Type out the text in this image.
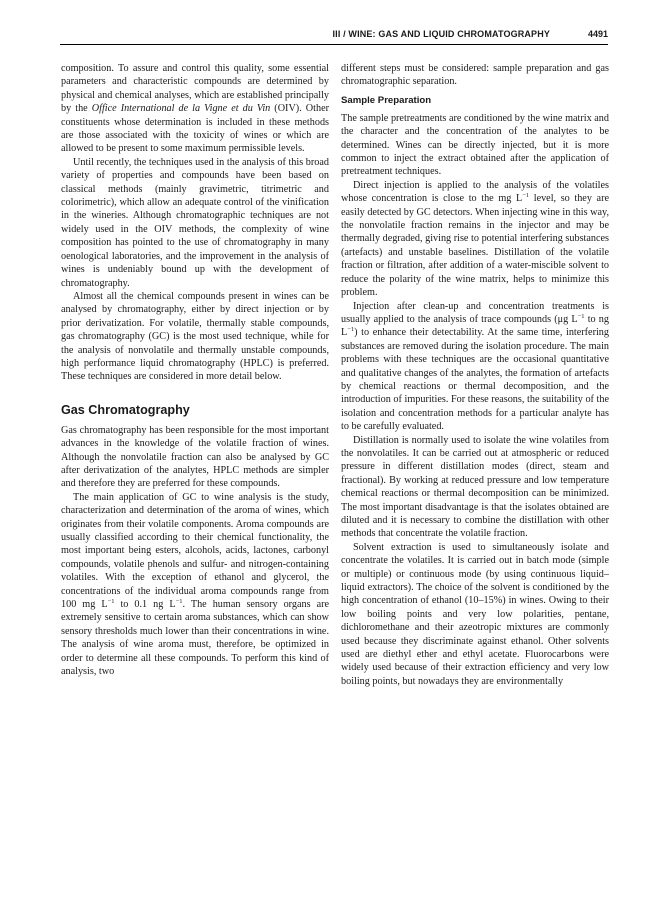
III / WINE: GAS AND LIQUID CHROMATOGRAPHY	4491

composition. To assure and control this quality, some essential parameters and characteristic compounds are determined by physical and chemical analyses, which are established principally by the Office International de la Vigne et du Vin (OIV). Other constituents whose determination is included in these methods are those associated with the toxicity of wines or which are allowed to be present to some maximum permissible levels.

Until recently, the techniques used in the analysis of this broad variety of properties and compounds have been based on classical methods (mainly gravimetric, titrimetric and colorimetric), which allow an adequate control of the vinification in the wineries. Although chromatographic techniques are not widely used in the OIV methods, the complexity of wine composition has pointed to the use of chromatography in many oenological laboratories, and the improvement in the analysis of wines is undeniably bound up with the development of chromatography.

Almost all the chemical compounds present in wines can be analysed by chromatography, either by direct injection or by prior derivatization. For volatile, thermally stable compounds, gas chromatography (GC) is the most used technique, while for the analysis of nonvolatile and thermally unstable compounds, high performance liquid chromatography (HPLC) is preferred. These techniques are considered in more detail below.

Gas Chromatography

Gas chromatography has been responsible for the most important advances in the knowledge of the volatile fraction of wines. Although the nonvolatile fraction can also be analysed by GC after derivatization of the analytes, HPLC methods are simpler and therefore they are preferred for these compounds.

The main application of GC to wine analysis is the study, characterization and determination of the aroma of wines, which originates from their volatile components. Aroma compounds are usually classified according to their chemical functionality, the most important being esters, alcohols, acids, lactones, carbonyl compounds, volatile phenols and sulfur- and nitrogen-containing volatiles. With the exception of ethanol and glycerol, the concentrations of the individual aroma compounds range from 100 mg $L^{-1}$ to 0.1 ng $L^{-1}$. The human sensory organs are extremely sensitive to certain aroma substances, which can show sensory thresholds much lower than their concentrations in wine. The analysis of wine aroma must, therefore, be optimized in order to determine all these compounds. To perform this kind of analysis, two

different steps must be considered: sample preparation and gas chromatographic separation.

Sample Preparation

The sample pretreatments are conditioned by the wine matrix and the character and the concentration of the analytes to be determined. Wines can be directly injected, but it is more common to inject the extract obtained after the application of pretreatment techniques.

Direct injection is applied to the analysis of the volatiles whose concentration is close to the mg $L^{-1}$ level, so they are easily detected by GC detectors. When injecting wine in this way, the nonvolatile fraction remains in the injector and may be thermally degraded, giving rise to potential interfering substances (artefacts) and unstable baselines. Distillation of the volatile fraction or filtration, after addition of a water-miscible solvent to reduce the polarity of the wine matrix, helps to minimize this problem.

Injection after clean-up and concentration treatments is usually applied to the analysis of trace compounds (μg $L^{-1}$ to ng $L^{-1}$) to enhance their detectability. At the same time, interfering substances are removed during the isolation procedure. The main problems with these techniques are the occasional quantitative and qualitative changes of the analytes, the formation of artefacts by chemical reactions or thermal decomposition, and the introduction of impurities. For these reasons, the suitability of the isolation and concentration methods for a particular analyte has to be carefully evaluated.

Distillation is normally used to isolate the wine volatiles from the nonvolatiles. It can be carried out at atmospheric or reduced pressure in different distillation modes (direct, steam and fractional). By working at reduced pressure and low temperature chemical reactions or thermal decomposition can be minimized. The most important disadvantage is that the isolates obtained are diluted and it is necessary to combine the distillation with other methods that concentrate the volatile fraction.

Solvent extraction is used to simultaneously isolate and concentrate the volatiles. It is carried out in batch mode (simple or multiple) or continuous mode (by using continuous liquid–liquid extractors). The choice of the solvent is conditioned by the high concentration of ethanol (10–15%) in wines. Owing to their low boiling points and very low polarities, pentane, dichloromethane and their azeotropic mixtures are commonly used because they discriminate against ethanol. Other solvents used are diethyl ether and ethyl acetate. Fluorocarbons were widely used because of their extraction efficiency and very low boiling points, but nowadays they are environmentally
